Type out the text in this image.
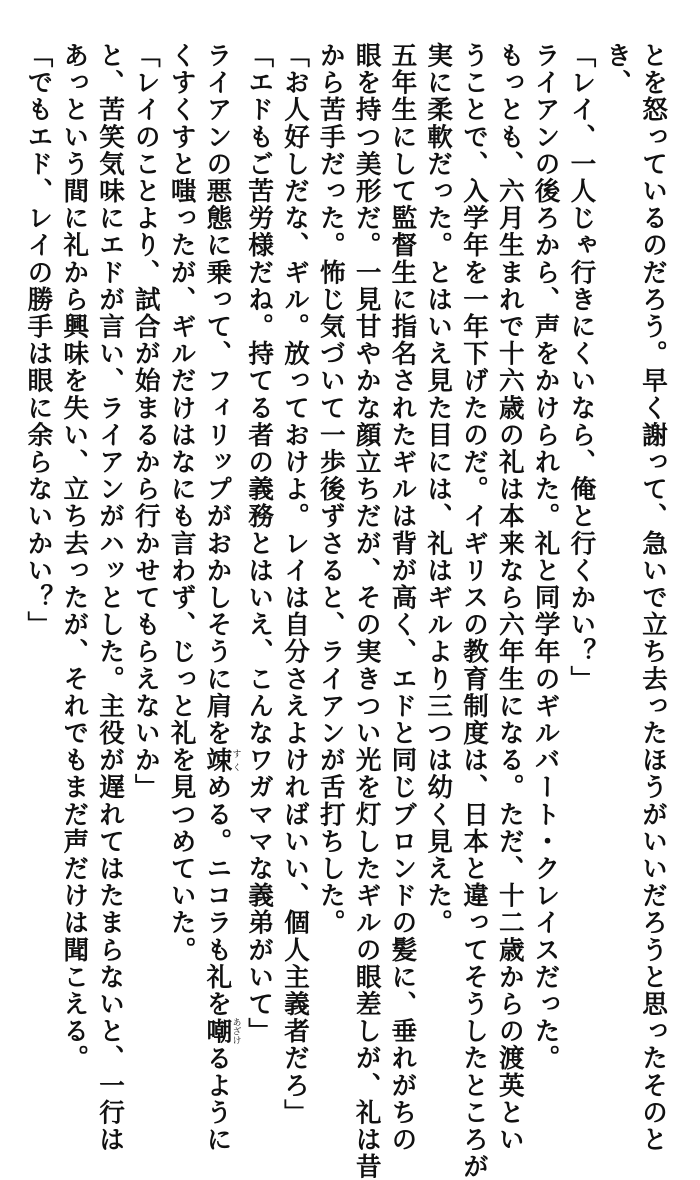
とを怒っているのだろう。早く謝って、急いで立ち去ったほうがいいだろうと思ったそのと
き、
「レイ、一人じゃ行きにくいなら、俺と行くかい？」
ライアンの後ろから、声をかけられた。礼と同学年のギルバート・クレイスだった。
もっとも、六月生まれで十六歳の礼は本来なら六年生になる。ただ、十二歳からの渡英とい
うことで、入学年を一年下げたのだ。イギリスの教育制度は、日本と違ってそうしたところが
実に柔軟だった。とはいえ見た目には、礼はギルより三つは幼く見えた。
五年生にして監督生に指名されたギルは背が高く、エドと同じブロンドの髪に、垂れがちの
眼を持つ美形だ。一見甘やかな顔立ちだが、その実きつい光を灯したギルの眼差しが、礼は昔
から苦手だった。怖じ気づいて一歩後ずさると、ライアンが舌打ちした。
「お人好しだな、ギル。放っておけよ。レイは自分さえよければいい、個人主義者だろ」
「エドもご苦労様だね。持てる者の義務とはいえ、こんなワガママな義弟がいて」
ライアンの悪態に乗って、フィリップがおかしそうに肩を竦すくめる。ニコラも礼を嘲あざけるように
くすくすと嗤ったが、ギルだけはなにも言わず、じっと礼を見つめていた。
「レイのことより、試合が始まるから行かせてもらえないか」
と、苦笑気味にエドが言い、ライアンがハッとした。主役が遅れてはたまらないと、一行は
あっという間に礼から興味を失い、立ち去ったが、それでもまだ声だけは聞こえる。
「でもエド、レイの勝手は眼に余らないかい？」
